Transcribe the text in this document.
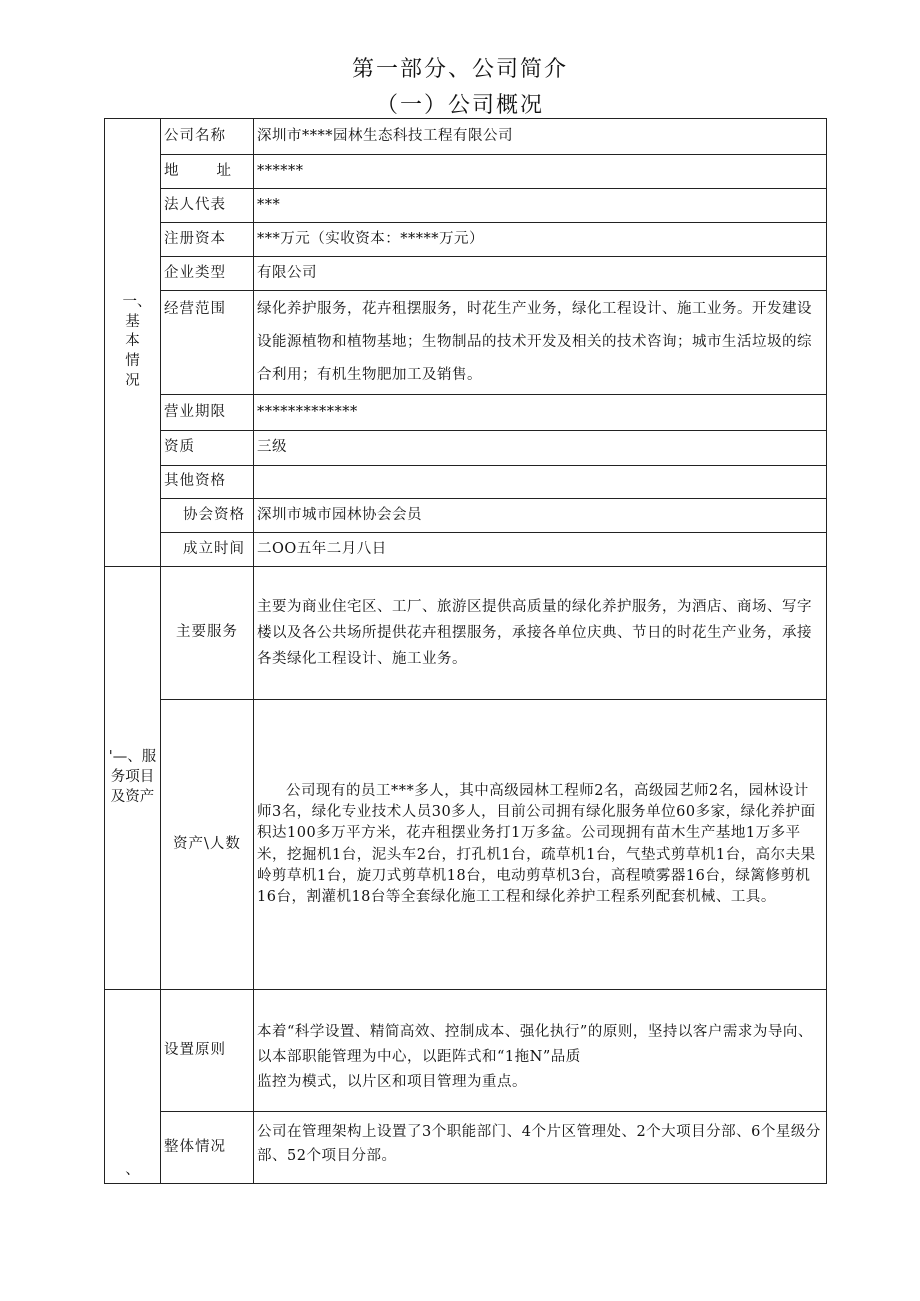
第一部分、公司简介
（一）公司概况
一、基本情况	公司名称	深圳市****园林生态科技工程有限公司

	地 址	******
	法人代表	***
	注册资本	***万元（实收资本：*****万元）
	企业类型	有限公司
	经营范围	绿化养护服务，花卉租摆服务，时花生产业务，绿化工程设计、施工业务。开发建设设能源植物和植物基地；生物制品的技术开发及相关的技术咨询；城市生活垃圾的综合利用；有机生物肥加工及销售。
	营业期限	*************
	资质	三级
	其他资格	
	协会资格	深圳市城市园林协会会员
	成立时间	二OO五年二月八日
'—、服务项目及资产	主要服务	主要为商业住宅区、工厂、旅游区提供高质量的绿化养护服务，为酒店、商场、写字楼以及各公共场所提供花卉租摆服务，承接各单位庆典、节日的时花生产业务，承接各类绿化工程设计、施工业务。
	资产\人数	公司现有的员工***多人，其中高级园林工程师2名，高级园艺师2名，园林设计师3名，绿化专业技术人员30多人，目前公司拥有绿化服务单位60多家，绿化养护面积达100多万平方米，花卉租摆业务打1万多盆。公司现拥有苗木生产基地1万多平米，挖掘机1台，泥头车2台，打孔机1台，疏草机1台，气垫式剪草机1台，高尔夫果岭剪草机1台，旋刀式剪草机18台，电动剪草机3台，高程喷雾器16台，绿篱修剪机16台，割灌机18台等全套绿化施工工程和绿化养护工程系列配套机械、工具。
、	设置原则	本着“科学设置、精简高效、控制成本、强化执行”的原则，坚持以客户需求为导向、以本部职能管理为中心，以距阵式和“1拖N”品质
监控为模式，以片区和项目管理为重点。

	整体情况	公司在管理架构上设置了3个职能部门、4个片区管理处、2个大项目分部、6个星级分部、52个项目分部。
